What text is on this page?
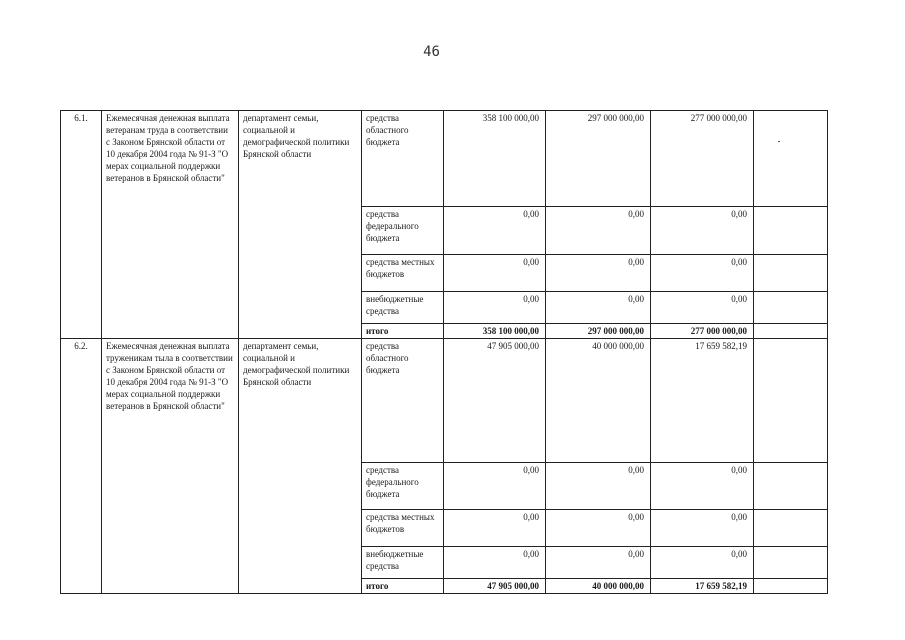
46
6.1.	Ежемесячная денежная выплата ветеранам труда в соответствии с Законом Брянской области от 10 декабря 2004 года № 91-З "О мерах социальной поддержки ветеранов в Брянской области"	департамент семьи, социальной и демографической политики Брянской области	средства областного бюджета	358 100 000,00	297 000 000,00	277 000 000,00	
			средства федерального бюджета	0,00	0,00	0,00	
			средства местных бюджетов	0,00	0,00	0,00	
			внебюджетные средства	0,00	0,00	0,00	
			итого	358 100 000,00	297 000 000,00	277 000 000,00	
6.2.	Ежемесячная денежная выплата труженикам тыла в соответствии с Законом Брянской области от 10 декабря 2004 года № 91-З "О мерах социальной поддержки ветеранов в Брянской области"	департамент семьи, социальной и демографической политики Брянской области	средства областного бюджета	47 905 000,00	40 000 000,00	17 659 582,19	
			средства федерального бюджета	0,00	0,00	0,00	
			средства местных бюджетов	0,00	0,00	0,00	
			внебюджетные средства	0,00	0,00	0,00	
			итого	47 905 000,00	40 000 000,00	17 659 582,19	
